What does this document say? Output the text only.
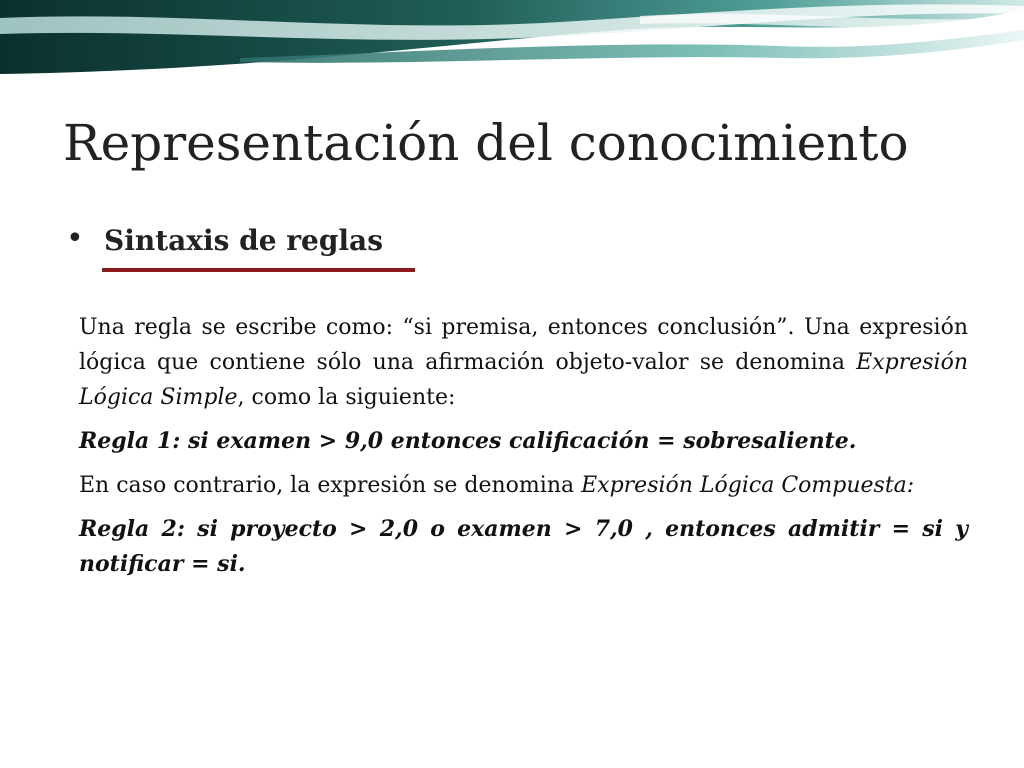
Representación del conocimiento
• Sintaxis de reglas

Una regla se escribe como: “si premisa, entonces conclusión”. Una expresión lógica que contiene sólo una afirmación objeto-valor se denomina Expresión Lógica Simple, como la siguiente:

Regla 1: si examen > 9,0 entonces calificación = sobresaliente.

En caso contrario, la expresión se denomina Expresión Lógica Compuesta:

Regla 2: si proyecto > 2,0 o examen > 7,0 , entonces admitir = si y notificar = si.
